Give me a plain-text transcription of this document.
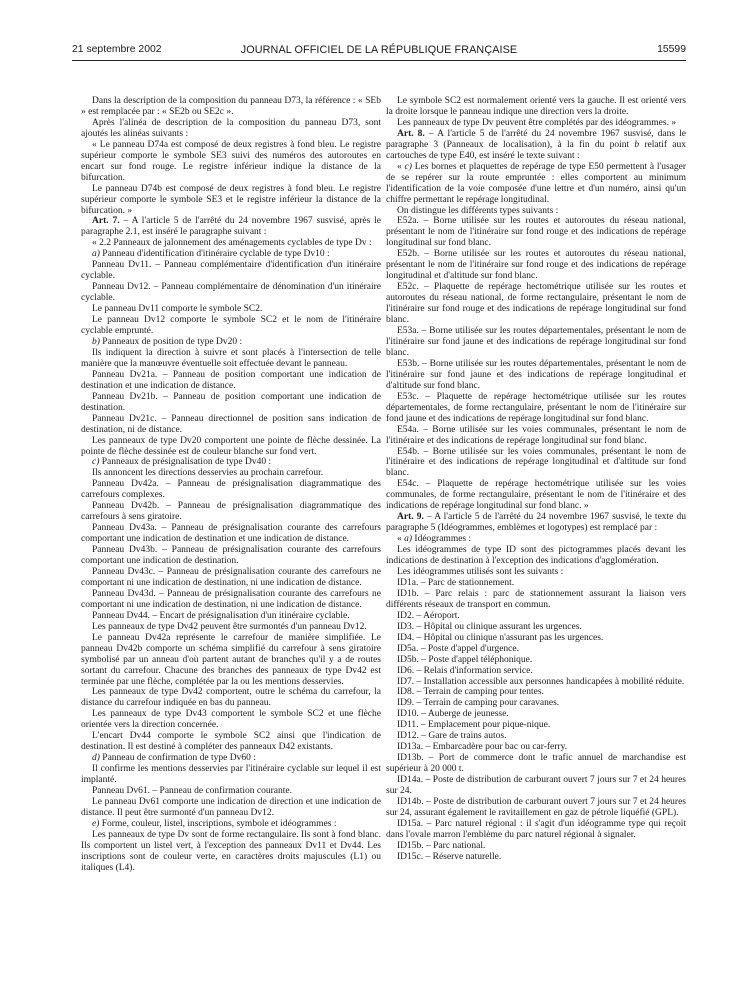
21 septembre 2002	JOURNAL OFFICIEL DE LA RÉPUBLIQUE FRANÇAISE	15599

Dans la description de la composition du panneau D73, la référence : « SEb » est remplacée par : « SE2b ou SE2c ».

Après l'alinéa de description de la composition du panneau D73, sont ajoutés les alinéas suivants :

« Le panneau D74a est composé de deux registres à fond bleu. Le registre supérieur comporte le symbole SE3 suivi des numéros des autoroutes en encart sur fond rouge. Le registre inférieur indique la distance de la bifurcation.

Le panneau D74b est composé de deux registres à fond bleu. Le registre supérieur comporte le symbole SE3 et le registre inférieur la distance de la bifurcation. »

Art. 7. – A l'article 5 de l'arrêté du 24 novembre 1967 susvisé, après le paragraphe 2.1, est inséré le paragraphe suivant :

« 2.2 Panneaux de jalonnement des aménagements cyclables de type Dv :

a) Panneau d'identification d'itinéraire cyclable de type Dv10 :

Panneau Dv11. – Panneau complémentaire d'identification d'un itinéraire cyclable.

Panneau Dv12. – Panneau complémentaire de dénomination d'un itinéraire cyclable.

Le panneau Dv11 comporte le symbole SC2.

Le panneau Dv12 comporte le symbole SC2 et le nom de l'itinéraire cyclable emprunté.

b) Panneaux de position de type Dv20 :

Ils indiquent la direction à suivre et sont placés à l'intersection de telle manière que la manœuvre éventuelle soit effectuée devant le panneau.

Panneau Dv21a. – Panneau de position comportant une indication de destination et une indication de distance.

Panneau Dv21b. – Panneau de position comportant une indication de destination.

Panneau Dv21c. – Panneau directionnel de position sans indication de destination, ni de distance.

Les panneaux de type Dv20 comportent une pointe de flèche dessinée. La pointe de flèche dessinée est de couleur blanche sur fond vert.

c) Panneaux de présignalisation de type Dv40 :

Ils annoncent les directions desservies au prochain carrefour.

Panneau Dv42a. – Panneau de présignalisation diagrammatique des carrefours complexes.

Panneau Dv42b. – Panneau de présignalisation diagrammatique des carrefours à sens giratoire.

Panneau Dv43a. – Panneau de présignalisation courante des carrefours comportant une indication de destination et une indication de distance.

Panneau Dv43b. – Panneau de présignalisation courante des carrefours comportant une indication de destination.

Panneau Dv43c. – Panneau de présignalisation courante des carrefours ne comportant ni une indication de destination, ni une indication de distance.

Panneau Dv43d. – Panneau de présignalisation courante des carrefours ne comportant ni une indication de destination, ni une indication de distance.

Panneau Dv44. – Encart de présignalisation d'un itinéraire cyclable.

Les panneaux de type Dv42 peuvent être surmontés d'un panneau Dv12.

Le panneau Dv42a représente le carrefour de manière simplifiée. Le panneau Dv42b comporte un schéma simplifié du carrefour à sens giratoire symbolisé par un anneau d'où partent autant de branches qu'il y a de routes sortant du carrefour. Chacune des branches des panneaux de type Dv42 est terminée par une flèche, complétée par la ou les mentions desservies.

Les panneaux de type Dv42 comportent, outre le schéma du carrefour, la distance du carrefour indiquée en bas du panneau.

Les panneaux de type Dv43 comportent le symbole SC2 et une flèche orientée vers la direction concernée.

L'encart Dv44 comporte le symbole SC2 ainsi que l'indication de destination. Il est destiné à compléter des panneaux D42 existants.

d) Panneau de confirmation de type Dv60 :

Il confirme les mentions desservies par l'itinéraire cyclable sur lequel il est implanté.

Panneau Dv61. – Panneau de confirmation courante.

Le panneau Dv61 comporte une indication de direction et une indication de distance. Il peut être surmonté d'un panneau Dv12.

e) Forme, couleur, listel, inscriptions, symbole et idéogrammes :

Les panneaux de type Dv sont de forme rectangulaire. Ils sont à fond blanc. Ils comportent un listel vert, à l'exception des panneaux Dv11 et Dv44. Les inscriptions sont de couleur verte, en caractères droits majuscules (L1) ou italiques (L4).

Le symbole SC2 est normalement orienté vers la gauche. Il est orienté vers la droite lorsque le panneau indique une direction vers la droite.

Les panneaux de type Dv peuvent être complétés par des idéogrammes. »

Art. 8. – A l'article 5 de l'arrêté du 24 novembre 1967 susvisé, dans le paragraphe 3 (Panneaux de localisation), à la fin du point b relatif aux cartouches de type E40, est inséré le texte suivant :

« c) Les bornes et plaquettes de repérage de type E50 permettent à l'usager de se repérer sur la route empruntée : elles comportent au minimum l'identification de la voie composée d'une lettre et d'un numéro, ainsi qu'un chiffre permettant le repérage longitudinal.

On distingue les différents types suivants :

E52a. – Borne utilisée sur les routes et autoroutes du réseau national, présentant le nom de l'itinéraire sur fond rouge et des indications de repérage longitudinal sur fond blanc.

E52b. – Borne utilisée sur les routes et autoroutes du réseau national, présentant le nom de l'itinéraire sur fond rouge et des indications de repérage longitudinal et d'altitude sur fond blanc.

E52c. – Plaquette de repérage hectométrique utilisée sur les routes et autoroutes du réseau national, de forme rectangulaire, présentant le nom de l'itinéraire sur fond rouge et des indications de repérage longitudinal sur fond blanc.

E53a. – Borne utilisée sur les routes départementales, présentant le nom de l'itinéraire sur fond jaune et des indications de repérage longitudinal sur fond blanc.

E53b. – Borne utilisée sur les routes départementales, présentant le nom de l'itinéraire sur fond jaune et des indications de repérage longitudinal et d'altitude sur fond blanc.

E53c. – Plaquette de repérage hectométrique utilisée sur les routes départementales, de forme rectangulaire, présentant le nom de l'itinéraire sur fond jaune et des indications de repérage longitudinal sur fond blanc.

E54a. – Borne utilisée sur les voies communales, présentant le nom de l'itinéraire et des indications de repérage longitudinal sur fond blanc.

E54b. – Borne utilisée sur les voies communales, présentant le nom de l'itinéraire et des indications de repérage longitudinal et d'altitude sur fond blanc.

E54c. – Plaquette de repérage hectométrique utilisée sur les voies communales, de forme rectangulaire, présentant le nom de l'itinéraire et des indications de repérage longitudinal sur fond blanc. »

Art. 9. – A l'article 5 de l'arrêté du 24 novembre 1967 susvisé, le texte du paragraphe 5 (Idéogrammes, emblèmes et logotypes) est remplacé par :

« a) Idéogrammes :

Les idéogrammes de type ID sont des pictogrammes placés devant les indications de destination à l'exception des indications d'agglomération.

Les idéogrammes utilisés sont les suivants :

ID1a. – Parc de stationnement.

ID1b. – Parc relais : parc de stationnement assurant la liaison vers différents réseaux de transport en commun.

ID2. – Aéroport.

ID3. – Hôpital ou clinique assurant les urgences.

ID4. – Hôpital ou clinique n'assurant pas les urgences.

ID5a. – Poste d'appel d'urgence.

ID5b. – Poste d'appel téléphonique.

ID6. – Relais d'information service.

ID7. – Installation accessible aux personnes handicapées à mobilité réduite.

ID8. – Terrain de camping pour tentes.

ID9. – Terrain de camping pour caravanes.

ID10. – Auberge de jeunesse.

ID11. – Emplacement pour pique-nique.

ID12. – Gare de trains autos.

ID13a. – Embarcadère pour bac ou car-ferry.

ID13b. – Port de commerce dont le trafic annuel de marchandise est supérieur à 20 000 t.

ID14a. – Poste de distribution de carburant ouvert 7 jours sur 7 et 24 heures sur 24.

ID14b. – Poste de distribution de carburant ouvert 7 jours sur 7 et 24 heures sur 24, assurant également le ravitaillement en gaz de pétrole liquéfié (GPL).

ID15a. – Parc naturel régional : il s'agit d'un idéogramme type qui reçoit dans l'ovale marron l'emblème du parc naturel régional à signaler.

ID15b. – Parc national.

ID15c. – Réserve naturelle.
